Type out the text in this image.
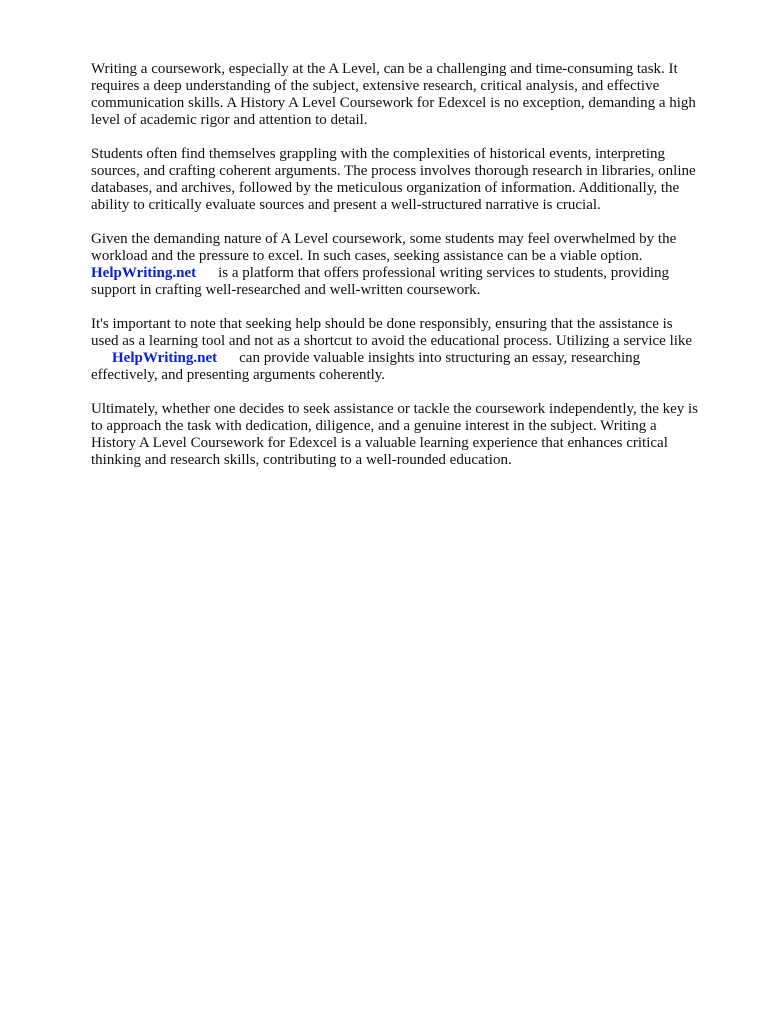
Writing a coursework, especially at the A Level, can be a challenging and time-consuming task. It
requires a deep understanding of the subject, extensive research, critical analysis, and effective
communication skills. A History A Level Coursework for Edexcel is no exception, demanding a high
level of academic rigor and attention to detail.

Students often find themselves grappling with the complexities of historical events, interpreting
sources, and crafting coherent arguments. The process involves thorough research in libraries, online
databases, and archives, followed by the meticulous organization of information. Additionally, the
ability to critically evaluate sources and present a well-structured narrative is crucial.

Given the demanding nature of A Level coursework, some students may feel overwhelmed by the
workload and the pressure to excel. In such cases, seeking assistance can be a viable option.
HelpWriting.net is a platform that offers professional writing services to students, providing
support in crafting well-researched and well-written coursework.

It's important to note that seeking help should be done responsibly, ensuring that the assistance is
used as a learning tool and not as a shortcut to avoid the educational process. Utilizing a service like
HelpWriting.net can provide valuable insights into structuring an essay, researching
effectively, and presenting arguments coherently.

Ultimately, whether one decides to seek assistance or tackle the coursework independently, the key is
to approach the task with dedication, diligence, and a genuine interest in the subject. Writing a
History A Level Coursework for Edexcel is a valuable learning experience that enhances critical
thinking and research skills, contributing to a well-rounded education.
